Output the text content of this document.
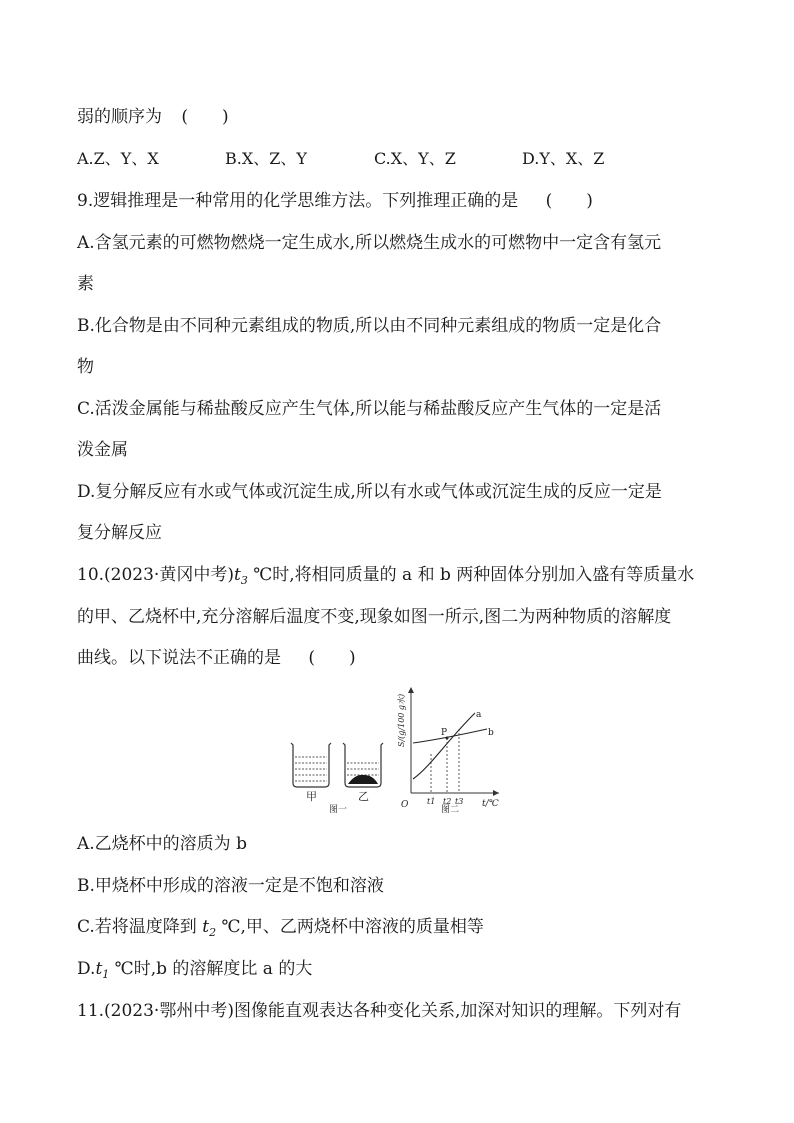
弱的顺序为 (　　)
A.Z、Y、X	B.X、Z、Y	C.X、Y、Z	D.Y、X、Z
9.逻辑推理是一种常用的化学思维方法。下列推理正确的是 (　　)
A.含氢元素的可燃物燃烧一定生成水,所以燃烧生成水的可燃物中一定含有氢元
素
B.化合物是由不同种元素组成的物质,所以由不同种元素组成的物质一定是化合
物
C.活泼金属能与稀盐酸反应产生气体,所以能与稀盐酸反应产生气体的一定是活
泼金属
D.复分解反应有水或气体或沉淀生成,所以有水或气体或沉淀生成的反应一定是
复分解反应
10.(2023·黄冈中考)$t_3$ ℃时,将相同质量的 a 和 b 两种固体分别加入盛有等质量水
的甲、乙烧杯中,充分溶解后温度不变,现象如图一所示,图二为两种物质的溶解度
曲线。以下说法不正确的是 (　　)
甲	乙
图一
S/(g/100 g水)
t/℃
O
a
b
P
t1 t2 t3
图二
A.乙烧杯中的溶质为 b
B.甲烧杯中形成的溶液一定是不饱和溶液
C.若将温度降到 $t_2$ ℃,甲、乙两烧杯中溶液的质量相等
$D.t_1$ ℃时,b 的溶解度比 a 的大
11.(2023·鄂州中考)图像能直观表达各种变化关系,加深对知识的理解。下列对有
